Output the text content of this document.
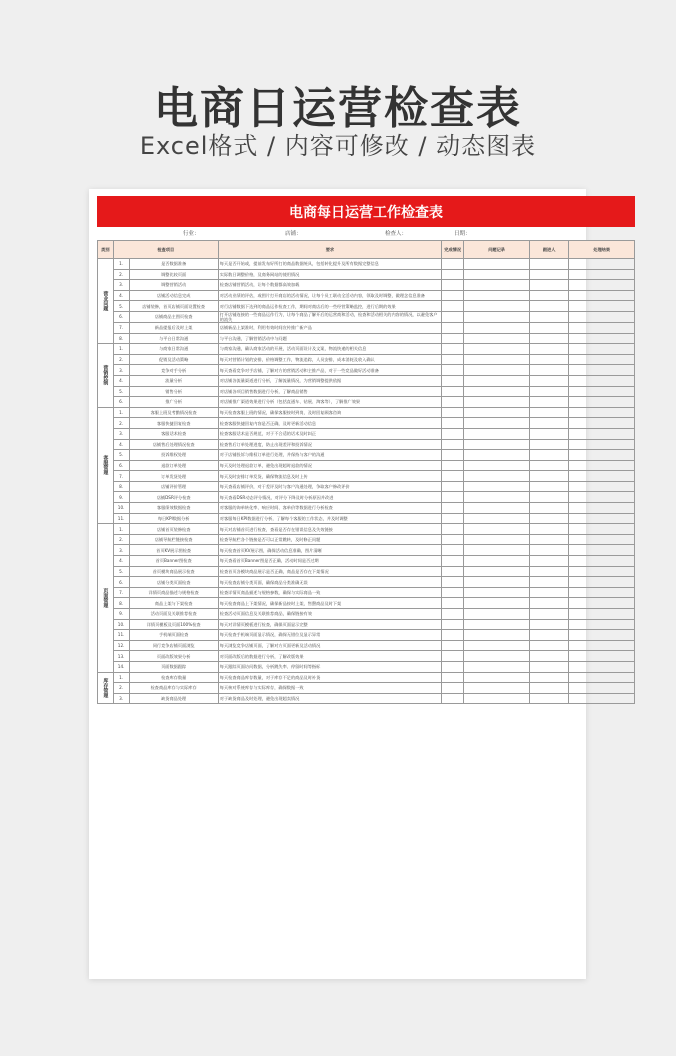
电商日运营检查表
Excel格式 / 内容可修改 / 动态图表
电商每日运营工作检查表
行业：	店铺：	检查人：	日期：
类别	检查项目		要求	完成情况	问题记录	跟进人	处理结果
营业问题	1.	是否数据准备	每天是否开始或，提前发布好所打的商品数据统具，包括转化提升及所有数据完整信息				
	2.	调整比较页面	实际数日调整价格，及商务网站的使用情况				
	3.	调整营销活动	检查店铺营销活动，让每个数据都高效加载				
	4.	店铺活动信息完成	对活动业绩的评估，或图片打开商店的活动情况，让每个员工联动全活动内容，领取及时调整，做理念信息准备				
	5.	店铺装修，首页店铺页面设置检查	对行店铺数据下达到的商品运作检查工作，期间对商店后的一些经营策略监控，进行后期的效果				
	6.	店铺商品主图页检查	打开店铺连接的一些商品运作行为，让每个商品了解开后的运营商和活动，检查和活动相关的内容的情况，以避免客户的流失				
	7.	新品提报后及时上架	店铺新品上架准时，利用有效时间宣传推广新产品				
	8.	与平台日常沟通	与平台沟通，了解营销活动中与问题				
营销控制	1.	与商家日常沟通	与商家沟通，确认商家活动的开展，活动页面设计及文案，物流快递的相关信息				
	2.	促销及活动策略	每天对营销计划的安排，价格调整工作，物流追踪，人员安排，成本消耗及收入确认				
	3.	竞争对手分析	每天查看竞争对手店铺，了解对方的营销活动和主推产品，对于一些竞品做好活动准备				
	4.	流量分析	对店铺各流量渠道进行分析，了解流量情况，为营销调整提供依据				
	5.	销售分析	对店铺各项目销售数据进行分析，了解商品销售				
	6.	推广分析	对店铺推广渠道效果进行分析（包括直通车、钻展、淘客等），了解推广效果				
客服管理	1.	客服上班及考勤情况检查	每天检查客服上班的情况，确保客服按时到岗，及时回复顾客咨询				
	2.	客服快捷回复检查	检查客服快捷回复内容是否正确，及时更新活动信息				
	3.	客服话术检查	检查客服话术是否规范，对于不合适的话术及时纠正				
	4.	店铺售后处理情况检查	检查售后订单处理进度，防止出现差评和投诉情况				
	5.	投诉维权处理	对于店铺投诉与维权订单进行处理，并保持与客户的沟通				
	6.	退款订单处理	每天及时处理退款订单，避免出现超时退款的情况				
	7.	订单发货处理	每天及时安排订单发货，确保物流信息及时上传				
	8.	店铺评价管理	每天查看店铺评价，对于差评及时与客户沟通处理，争取客户修改评价				
	9.	店铺DSR评分检查	每天查看DSR动态评分情况，对评分下降及时分析原因并改进				
	10.	客服绩效数据检查	对客服的询单转化率、响应时间、客单价等数据进行分析检查				
	11.	每日KPI数据分析	对客服每日KPI数据进行分析，了解每个客服的工作状态，并及时调整				
页面管理	1.	店铺首页装修检查	每天对店铺首页进行检查，查看是否存在错误信息及失效链接				
	2.	店铺导航栏链接检查	检查导航栏各个链接是否可以正常跳转，及时修正问题				
	3.	首页KV展示图检查	每天检查首页KV展示图，确保活动信息准确，图片清晰				
	4.	首页Banner图检查	每天查看首页Banner图是否正确，活动时间是否过期				
	5.	首页模块商品展示检查	检查首页各模块商品展示是否正确，商品是否存在下架情况				
	6.	店铺分类页面检查	每天检查店铺分类页面，确保商品分类准确无误				
	7.	详情页商品描述与规格检查	检查详情页商品描述与规格参数，确保与实际商品一致				
	8.	商品上架与下架检查	每天检查商品上下架情况，确保新品按时上架，售罄商品及时下架				
	9.	活动页面及关联推荐检查	检查活动页面信息及关联推荐商品，确保链接有效				
	10.	详情页模板及页面100%检查	每天对详情页模板进行检查，确保页面显示完整				
	11.	手机端页面检查	每天检查手机端页面显示情况，确保无错位及显示异常				
	12.	同行竞争店铺页面浏览	每天浏览竞争店铺页面，了解对方页面更新及活动情况				
	13.	页面改版效果分析	对页面改版后的数据进行分析，了解改版效果				
	14.	页面数据跟踪	每天跟踪页面访问数据，分析跳失率、停留时间等指标				
库存管理	1.	检查库存数量	每天检查商品库存数量，对于库存不足的商品及时补货				
	2.	检查商品库存与实际库存	每天核对系统库存与实际库存，确保数据一致				
	3.	缺货商品处理	对于缺货商品及时处理，避免出现超卖情况				
